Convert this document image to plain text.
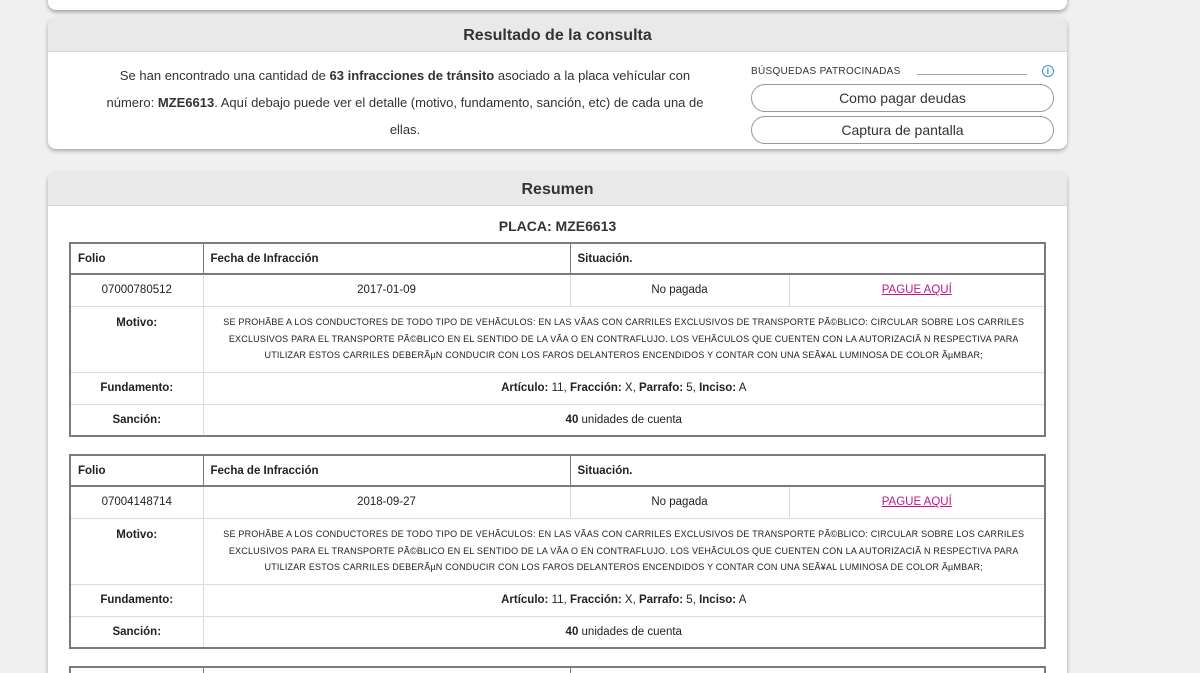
Resultado de la consulta
Se han encontrado una cantidad de 63 infracciones de tránsito asociado a la placa vehícular con
número: MZE6613. Aquí debajo puede ver el detalle (motivo, fundamento, sanción, etc) de cada una de
ellas.
BÚSQUEDAS PATROCINADAS	i
Como pagar deudas
Captura de pantalla
Resumen
PLACA: MZE6613
Folio	Fecha de Infracción	Situación.	
07000780512	2017-01-09	No pagada	PAGUE AQUÍ
Motivo:	SE PROHÃBE A LOS CONDUCTORES DE TODO TIPO DE VEHÃCULOS: EN LAS VÃAS CON CARRILES EXCLUSIVOS DE TRANSPORTE PÃ©BLICO: CIRCULAR SOBRE LOS CARRILES EXCLUSIVOS PARA EL TRANSPORTE PÃ©BLICO EN EL SENTIDO DE LA VÃA O EN CONTRAFLUJO. LOS VEHÃCULOS QUE CUENTEN CON LA AUTORIZACIÃ N RESPECTIVA PARA UTILIZAR ESTOS CARRILES DEBERÃµN CONDUCIR CON LOS FAROS DELANTEROS ENCENDIDOS Y CONTAR CON UNA SEÃ¥AL LUMINOSA DE COLOR ÃµMBAR;		
Fundamento:	Artículo: 11, Fracción: X, Parrafo: 5, Inciso: A		
Sanción:	40 unidades de cuenta		
Folio	Fecha de Infracción	Situación.	
07004148714	2018-09-27	No pagada	PAGUE AQUÍ
Motivo:	SE PROHÃBE A LOS CONDUCTORES DE TODO TIPO DE VEHÃCULOS: EN LAS VÃAS CON CARRILES EXCLUSIVOS DE TRANSPORTE PÃ©BLICO: CIRCULAR SOBRE LOS CARRILES EXCLUSIVOS PARA EL TRANSPORTE PÃ©BLICO EN EL SENTIDO DE LA VÃA O EN CONTRAFLUJO. LOS VEHÃCULOS QUE CUENTEN CON LA AUTORIZACIÃ N RESPECTIVA PARA UTILIZAR ESTOS CARRILES DEBERÃµN CONDUCIR CON LOS FAROS DELANTEROS ENCENDIDOS Y CONTAR CON UNA SEÃ¥AL LUMINOSA DE COLOR ÃµMBAR;		
Fundamento:	Artículo: 11, Fracción: X, Parrafo: 5, Inciso: A		
Sanción:	40 unidades de cuenta		
